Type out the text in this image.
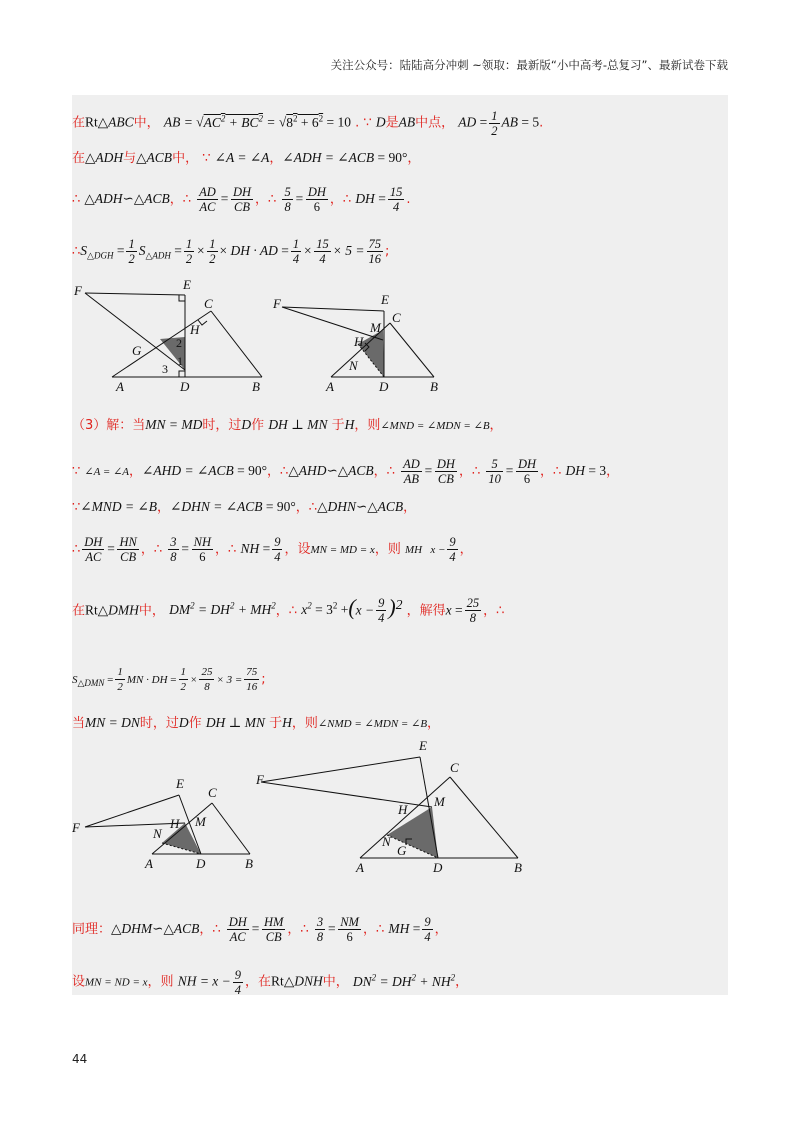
关注公众号：陆陆高分冲刺 ~领取：最新版“小中高考-总复习”、最新试卷下载
在Rt△ABC中， AB = $√AC^2 + BC^2 = √8^2 + 6^2 = 10$ . ∵ D是AB中点， AD = $\frac{1}{2}$ AB = 5.
在△ADH与△ACB中， ∵ ∠A = ∠A，∠ADH = ∠ACB = 90°，
∴ △ADH∽△ACB，∴ $\frac{AD}{AC} = \frac{DH}{CB}$ ，∴ $\frac{5}{8} = \frac{DH}{6}$ ，∴ DH = $\frac{15}{4}$ .
$\therefore S_{\triangle DGH} = \frac{1}{2} S_{\triangle ADH} = \frac{1}{2} \times \frac{1}{2}$ × DH · AD = $\frac{1}{4} \times \frac{15}{4} \times 5 = \frac{75}{16}$ ;
F	E
C
H
2
G
1
3
A	D	B
F	E
M
C
H
N
A	D	B
（3）解：当MN = MD时，过D作 DH ⊥ MN 于H，则∠MND = ∠MDN = ∠B，
∵ ∠A = ∠A，∠AHD = ∠ACB = 90°，∴△AHD∽△ACB，∴ $\frac{AD}{AB} = \frac{DH}{CB}$ ，∴ $\frac{5}{10} = \frac{DH}{6}$ ，∴ DH = 3，
∵∠MND = ∠B，∠DHN = ∠ACB = 90°，∴△DHN∽△ACB，
∴ $\frac{DH}{AC} = \frac{HN}{CB}$ ，∴ $\frac{3}{8} = \frac{NH}{6}$ ，∴ NH = $\frac{9}{4}$ ，设MN = MD = x，则 MH   $x - \frac{9}{4}$ ，
在Rt△DMH中， $DM^2 = DH^2 + MH^2$，∴ $x^2 = 3^2 +(x - \frac{9}{4} )^2$ ，解得$x = \frac{25}{8}$ ，∴
$S_{\triangle DMN} = \frac{1}{2}$ MN · DH = $\frac{1}{2} \times \frac{25}{8} \times 3 = \frac{75}{16}$ ;
当MN = DN时，过D作 DH ⊥ MN 于H，则∠NMD = ∠MDN = ∠B，
E
C
F	H M
N
A	D	B
E
F
C
H
M
N
G
A	D	B
同理：△DHM∽△ACB，∴ $\frac{DH}{AC} = \frac{HM}{CB}$ ，∴ $\frac{3}{8} = \frac{NM}{6}$ ，∴ MH = $\frac{9}{4}$ ，
设MN = ND = x，则 NH = $x - \frac{9}{4}$ ，在Rt△DNH中， $DN^2 = DH^2 + NH^2$，
44
